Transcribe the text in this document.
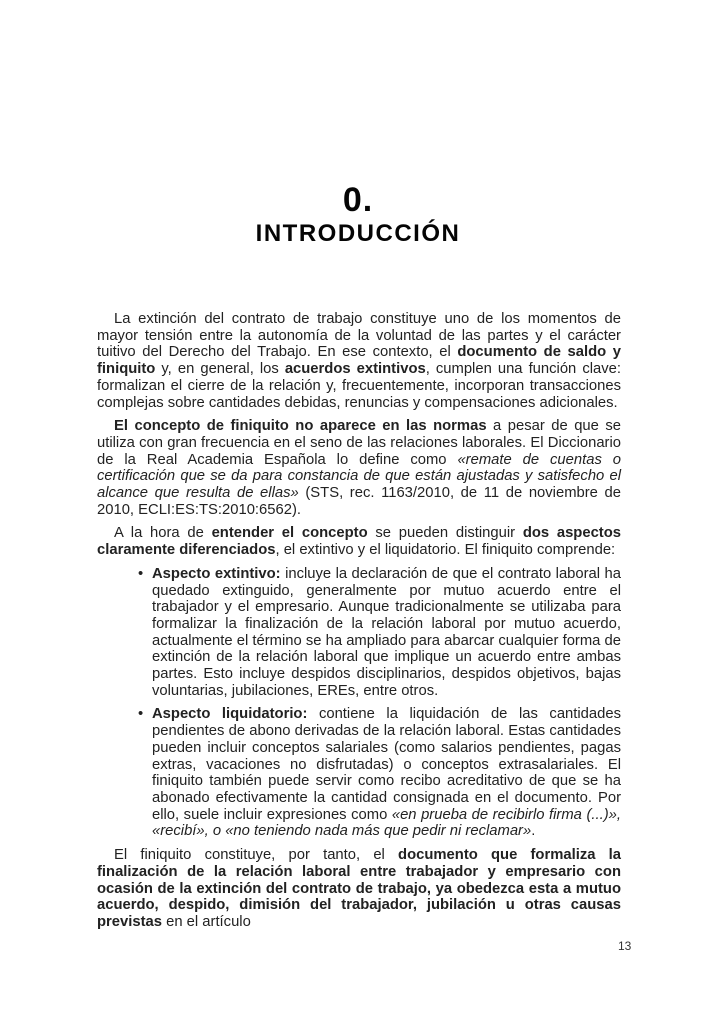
0.
INTRODUCCIÓN

La extinción del contrato de trabajo constituye uno de los momentos de mayor tensión entre la autonomía de la voluntad de las partes y el carácter tuitivo del Derecho del Trabajo. En ese contexto, el documento de saldo y finiquito y, en general, los acuerdos extintivos, cumplen una función clave: formalizan el cierre de la relación y, frecuentemente, incorporan transacciones complejas sobre cantidades debidas, renuncias y compensaciones adicionales.

El concepto de finiquito no aparece en las normas a pesar de que se utiliza con gran frecuencia en el seno de las relaciones laborales. El Diccionario de la Real Academia Española lo define como «remate de cuentas o certificación que se da para constancia de que están ajustadas y satisfecho el alcance que resulta de ellas» (STS, rec. 1163/2010, de 11 de noviembre de 2010, ECLI:ES:TS:2010:6562).

A la hora de entender el concepto se pueden distinguir dos aspectos claramente diferenciados, el extintivo y el liquidatorio. El finiquito comprende:

• Aspecto extintivo: incluye la declaración de que el contrato laboral ha quedado extinguido, generalmente por mutuo acuerdo entre el trabajador y el empresario. Aunque tradicionalmente se utilizaba para formalizar la finalización de la relación laboral por mutuo acuerdo, actualmente el término se ha ampliado para abarcar cualquier forma de extinción de la relación laboral que implique un acuerdo entre ambas partes. Esto incluye despidos disciplinarios, despidos objetivos, bajas voluntarias, jubilaciones, EREs, entre otros.
• Aspecto liquidatorio: contiene la liquidación de las cantidades pendientes de abono derivadas de la relación laboral. Estas cantidades pueden incluir conceptos salariales (como salarios pendientes, pagas extras, vacaciones no disfrutadas) o conceptos extrasalariales. El finiquito también puede servir como recibo acreditativo de que se ha abonado efectivamente la cantidad consignada en el documento. Por ello, suele incluir expresiones como «en prueba de recibirlo firma (...)», «recibí», o «no teniendo nada más que pedir ni reclamar».

El finiquito constituye, por tanto, el documento que formaliza la finalización de la relación laboral entre trabajador y empresario con ocasión de la extinción del contrato de trabajo, ya obedezca esta a mutuo acuerdo, despido, dimisión del trabajador, jubilación u otras causas previstas en el artículo

13
